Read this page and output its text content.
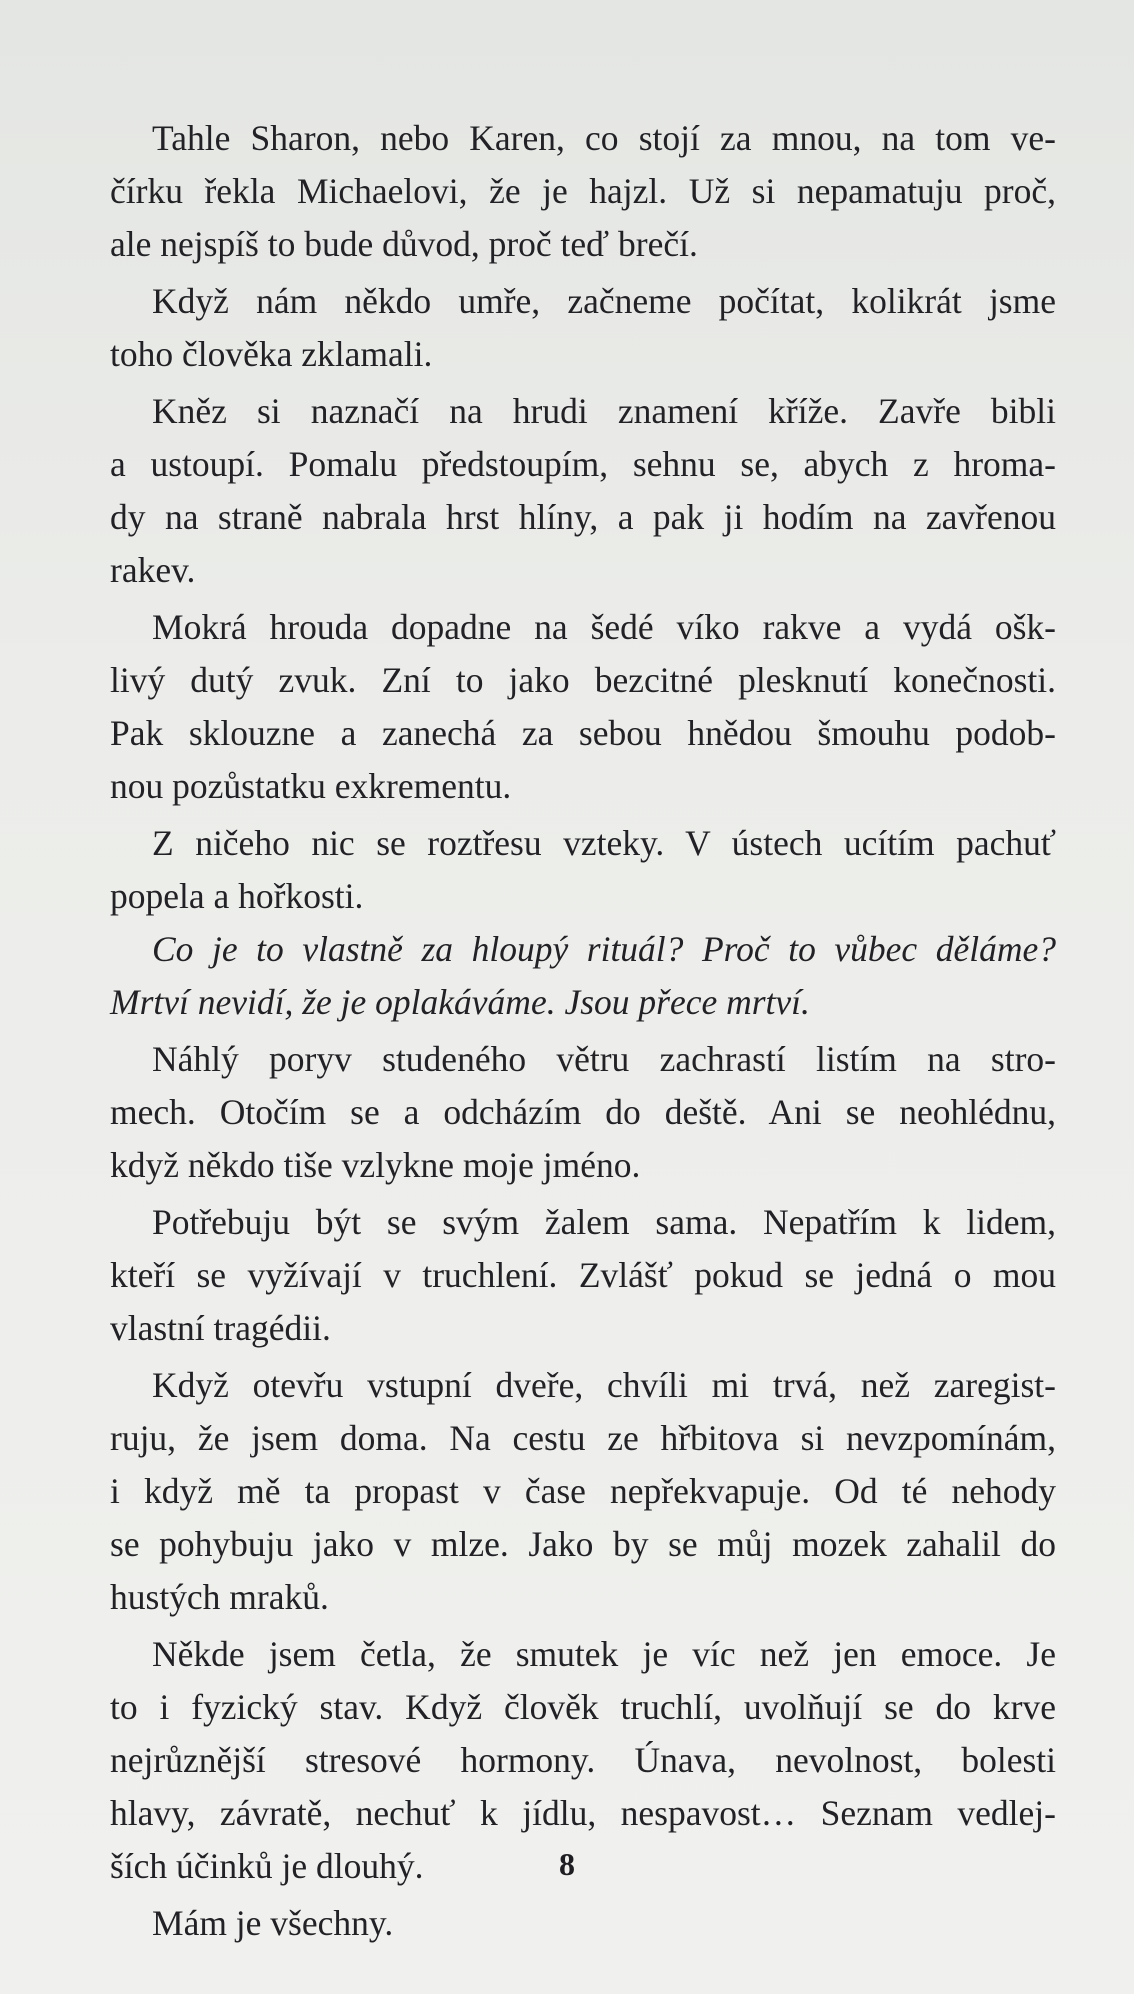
Tahle Sharon, nebo Karen, co stojí za mnou, na tom ve-
čírku řekla Michaelovi, že je hajzl. Už si nepamatuju proč,
ale nejspíš to bude důvod, proč teď brečí.

Když nám někdo umře, začneme počítat, kolikrát jsme
toho člověka zklamali.

Kněz si naznačí na hrudi znamení kříže. Zavře bibli
a ustoupí. Pomalu předstoupím, sehnu se, abych z hroma-
dy na straně nabrala hrst hlíny, a pak ji hodím na zavřenou
rakev.

Mokrá hrouda dopadne na šedé víko rakve a vydá ošk-
livý dutý zvuk. Zní to jako bezcitné plesknutí konečnosti.
Pak sklouzne a zanechá za sebou hnědou šmouhu podob-
nou pozůstatku exkrementu.

Z ničeho nic se roztřesu vzteky. V ústech ucítím pachuť
popela a hořkosti.

Co je to vlastně za hloupý rituál? Proč to vůbec děláme?
Mrtví nevidí, že je oplakáváme. Jsou přece mrtví.

Náhlý poryv studeného větru zachrastí listím na stro-
mech. Otočím se a odcházím do deště. Ani se neohlédnu,
když někdo tiše vzlykne moje jméno.

Potřebuju být se svým žalem sama. Nepatřím k lidem,
kteří se vyžívají v truchlení. Zvlášť pokud se jedná o mou
vlastní tragédii.

Když otevřu vstupní dveře, chvíli mi trvá, než zaregist-
ruju, že jsem doma. Na cestu ze hřbitova si nevzpomínám,
i když mě ta propast v čase nepřekvapuje. Od té nehody
se pohybuju jako v mlze. Jako by se můj mozek zahalil do
hustých mraků.

Někde jsem četla, že smutek je víc než jen emoce. Je
to i fyzický stav. Když člověk truchlí, uvolňují se do krve
nejrůznější stresové hormony. Únava, nevolnost, bolesti
hlavy, závratě, nechuť k jídlu, nespavost… Seznam vedlej-
ších účinků je dlouhý.

Mám je všechny.

8
